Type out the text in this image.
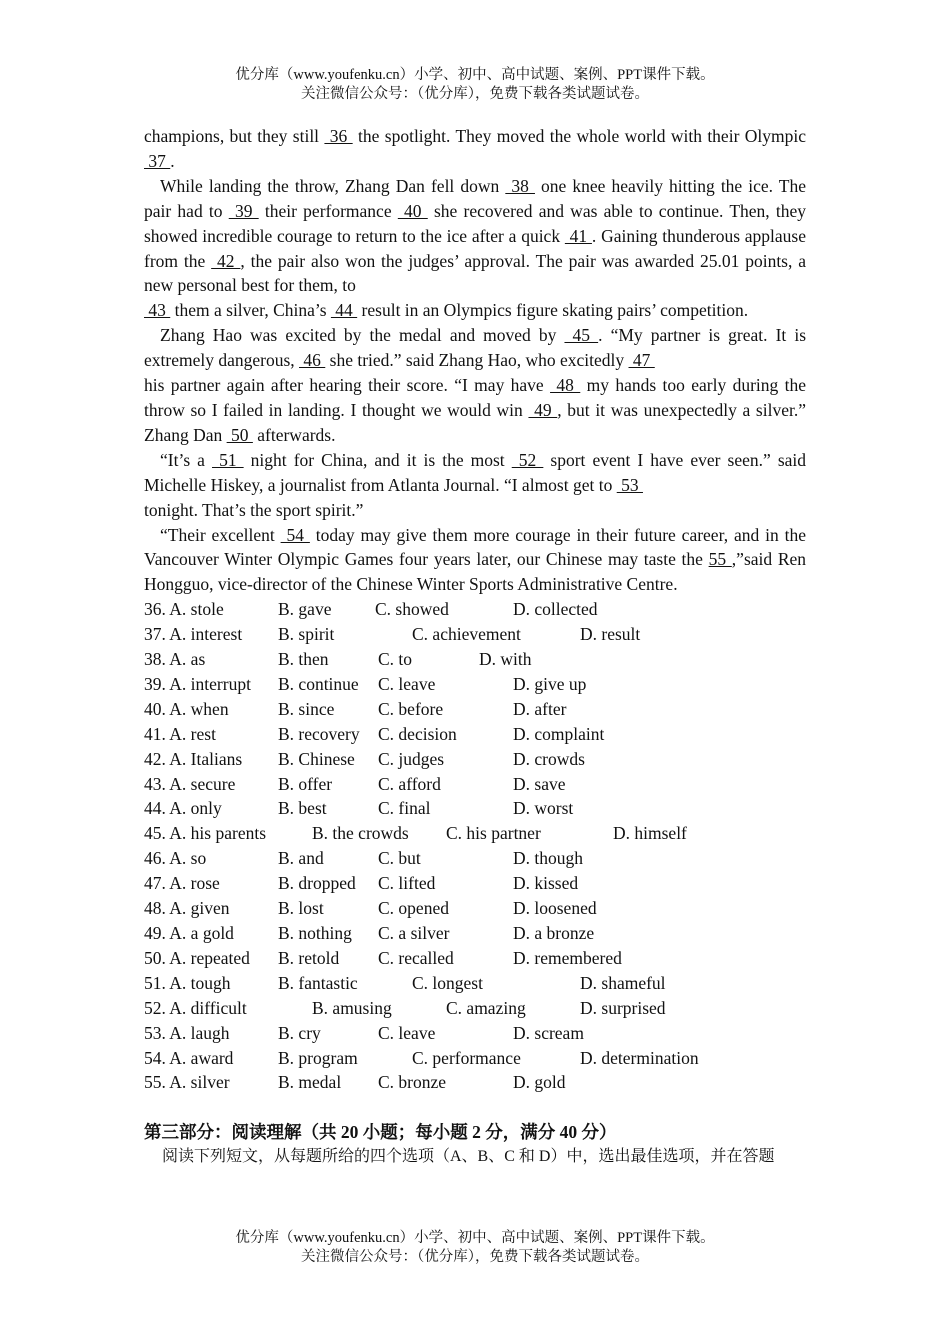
优分库（www.youfenku.cn）小学、初中、高中试题、案例、PPT课件下载。
关注微信公众号：（优分库），免费下载各类试题试卷。

champions, but they still  36  the spotlight. They moved the whole world with their Olympic  37 .

While landing the throw, Zhang Dan fell down  38  one knee heavily hitting the ice. The pair had to  39  their performance  40  she recovered and was able to continue. Then, they showed incredible courage to return to the ice after a quick  41 . Gaining thunderous applause from the  42 , the pair also won the judges’ approval. The pair was awarded 25.01 points, a new personal best for them, to

43  them a silver, China’s  44  result in an Olympics figure skating pairs’ competition.

Zhang Hao was excited by the medal and moved by  45 . “My partner is great. It is extremely dangerous,  46  she tried.” said Zhang Hao, who excitedly  47

his partner again after hearing their score. “I may have  48  my hands too early during the throw so I failed in landing. I thought we would win  49 , but it was unexpectedly a silver.” Zhang Dan  50  afterwards.

“It’s a  51  night for China, and it is the most  52  sport event I have ever seen.” said Michelle Hiskey, a journalist from Atlanta Journal. “I almost get to  53

tonight. That’s the sport spirit.”

“Their excellent  54  today may give them more courage in their future career, and in the Vancouver Winter Olympic Games four years later, our Chinese may taste the 55 ,”said Ren Hongguo, vice-director of the Chinese Winter Sports Administrative Centre.

36. A. stole	B. gave	C. showed	D. collected
37. A. interest	B. spirit	C. achievement	D. result
38. A. as	B. then	C. to	D. with
39. A. interrupt	B. continue	C. leave	D. give up
40. A. when	B. since	C. before	D. after
41. A. rest	B. recovery	C. decision	D. complaint
42. A. Italians	B. Chinese	C. judges	D. crowds
43. A. secure	B. offer	C. afford	D. save
44. A. only	B. best	C. final	D. worst
45. A. his parents	B. the crowds	C. his partner	D. himself
46. A. so	B. and	C. but	D. though
47. A. rose	B. dropped	C. lifted	D. kissed
48. A. given	B. lost	C. opened	D. loosened
49. A. a gold	B. nothing	C. a silver	D. a bronze
50. A. repeated	B. retold	C. recalled	D. remembered
51. A. tough	B. fantastic	C. longest	D. shameful
52. A. difficult	B. amusing	C. amazing	D. surprised
53. A. laugh	B. cry	C. leave	D. scream
54. A. award	B. program	C. performance	D. determination
55. A. silver	B. medal	C. bronze	D. gold
第三部分：阅读理解（共 20 小题；每小题 2 分，满分 40 分）

阅读下列短文，从每题所给的四个选项（A、B、C 和 D）中，选出最佳选项，并在答题

优分库（www.youfenku.cn）小学、初中、高中试题、案例、PPT课件下载。
关注微信公众号：（优分库），免费下载各类试题试卷。
